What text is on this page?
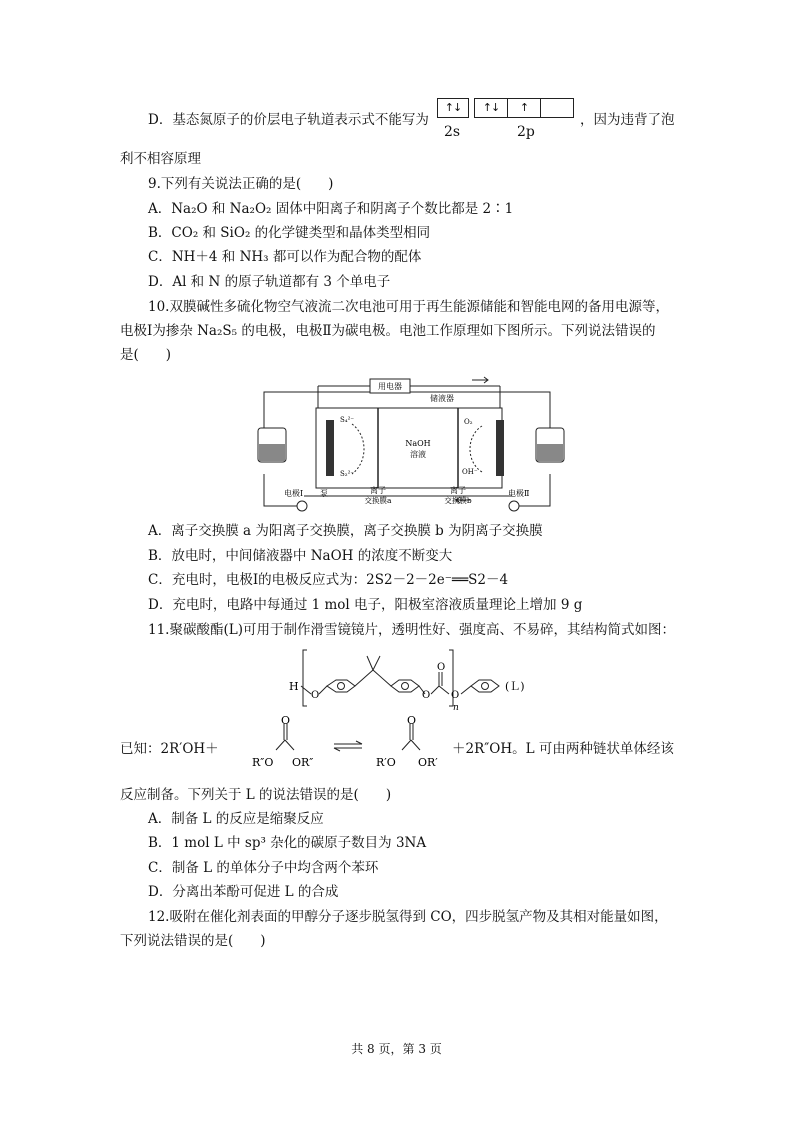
D．基态氮原子的价层电子轨道表示式不能写为
↑↓	↑↓	↑
2s	2p
，因为违背了泡
利不相容原理
9.下列有关说法正确的是(　　)
A．Na₂O 和 Na₂O₂ 固体中阳离子和阴离子个数比都是 2∶1
B．CO₂ 和 SiO₂ 的化学键类型和晶体类型相同
C．NH＋4 和 NH₃ 都可以作为配合物的配体
D．Al 和 N 的原子轨道都有 3 个单电子
10.双膜碱性多硫化物空气液流二次电池可用于再生能源储能和智能电网的备用电源等，
电极Ⅰ为掺杂 Na₂S₅ 的电极，电极Ⅱ为碳电极。电池工作原理如下图所示。下列说法错误的
是(　　)
用电器
储液器
NaOH
溶液
S₄²⁻
S₂²⁻
O₂
OH⁻
电极Ⅰ 泵	离子
交换膜a
离子
交换膜b
电极Ⅱ
A．离子交换膜 a 为阳离子交换膜，离子交换膜 b 为阴离子交换膜
B．放电时，中间储液器中 NaOH 的浓度不断变大
C．充电时，电极Ⅰ的电极反应式为：2S2－2－2e⁻══S2－4
D．充电时，电路中每通过 1 mol 电子，阳极室溶液质量理论上增加 9 g
11.聚碳酸酯(L)可用于制作滑雪镜镜片，透明性好、强度高、不易碎，其结构简式如图：
H
O	O
O
O
n
(Ｌ)
已知：2R′OH＋
O
R″O OR″
O
R′O OR′
＋2R″OH。L 可由两种链状单体经该
反应制备。下列关于 L 的说法错误的是(　　)
A．制备 L 的反应是缩聚反应
B．1 mol L 中 sp³ 杂化的碳原子数目为 3NA
C．制备 L 的单体分子中均含两个苯环
D．分离出苯酚可促进 L 的合成
12.吸附在催化剂表面的甲醇分子逐步脱氢得到 CO，四步脱氢产物及其相对能量如图，
下列说法错误的是(　　)
共 8 页，第 3 页
